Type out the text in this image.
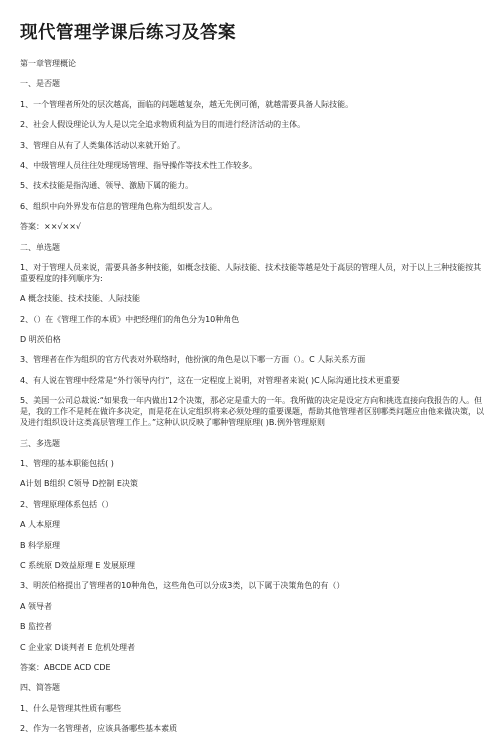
现代管理学课后练习及答案
第一章管理概论
一、是否题
1、一个管理者所处的层次越高，面临的问题越复杂，越无先例可循，就越需要具备人际技能。
2、社会人假设理论认为人是以完全追求物质利益为目的而进行经济活动的主体。
3、管理自从有了人类集体活动以来就开始了。
4、中级管理人员往往处理现场管理、指导操作等技术性工作较多。
5、技术技能是指沟通、领导、激励下属的能力。
6、组织中向外界发布信息的管理角色称为组织发言人。
答案：××√××√
二、单选题
1、对于管理人员来说，需要具备多种技能，如概念技能、人际技能、技术技能等越是处于高层的管理人员，对于以上三种技能按其重要程度的排列顺序为:
A 概念技能、技术技能、人际技能
2、（）在《管理工作的本质》中把经理们的角色分为10种角色
D 明茨伯格
3、管理者在作为组织的官方代表对外联络时，他扮演的角色是以下哪一方面（）。C 人际关系方面
4、有人说在管理中经常是“外行领导内行”，这在一定程度上说明，对管理者来说( )C人际沟通比技术更重要
5、美国一公司总裁说:“如果我一年内做出12个决策，那必定是重大的一年。我所做的决定是设定方向和挑选直接向我报告的人。但是，我的工作不是耗在做许多决定，而是花在认定组织将来必须处理的重要课题，帮助其他管理者区别哪类问题应由他来做决策，以及进行组织设计这类高层管理工作上。”这种认识反映了哪种管理原理( )B.例外管理原则
三、多选题
1、管理的基本职能包括( )
A计划 B组织 C领导 D控制 E决策
2、管理原理体系包括（）
A 人本原理
B 科学原理
C 系统原 D效益原理 E 发展原理
3、明茨伯格提出了管理者的10种角色，这些角色可以分成3类，以下属于决策角色的有（）
A 领导者
B 监控者
C 企业家 D谈判者 E 危机处理者
答案：ABCDE ACD CDE
四、简答题
1、什么是管理其性质有哪些
2、作为一名管理者，应该具备哪些基本素质
